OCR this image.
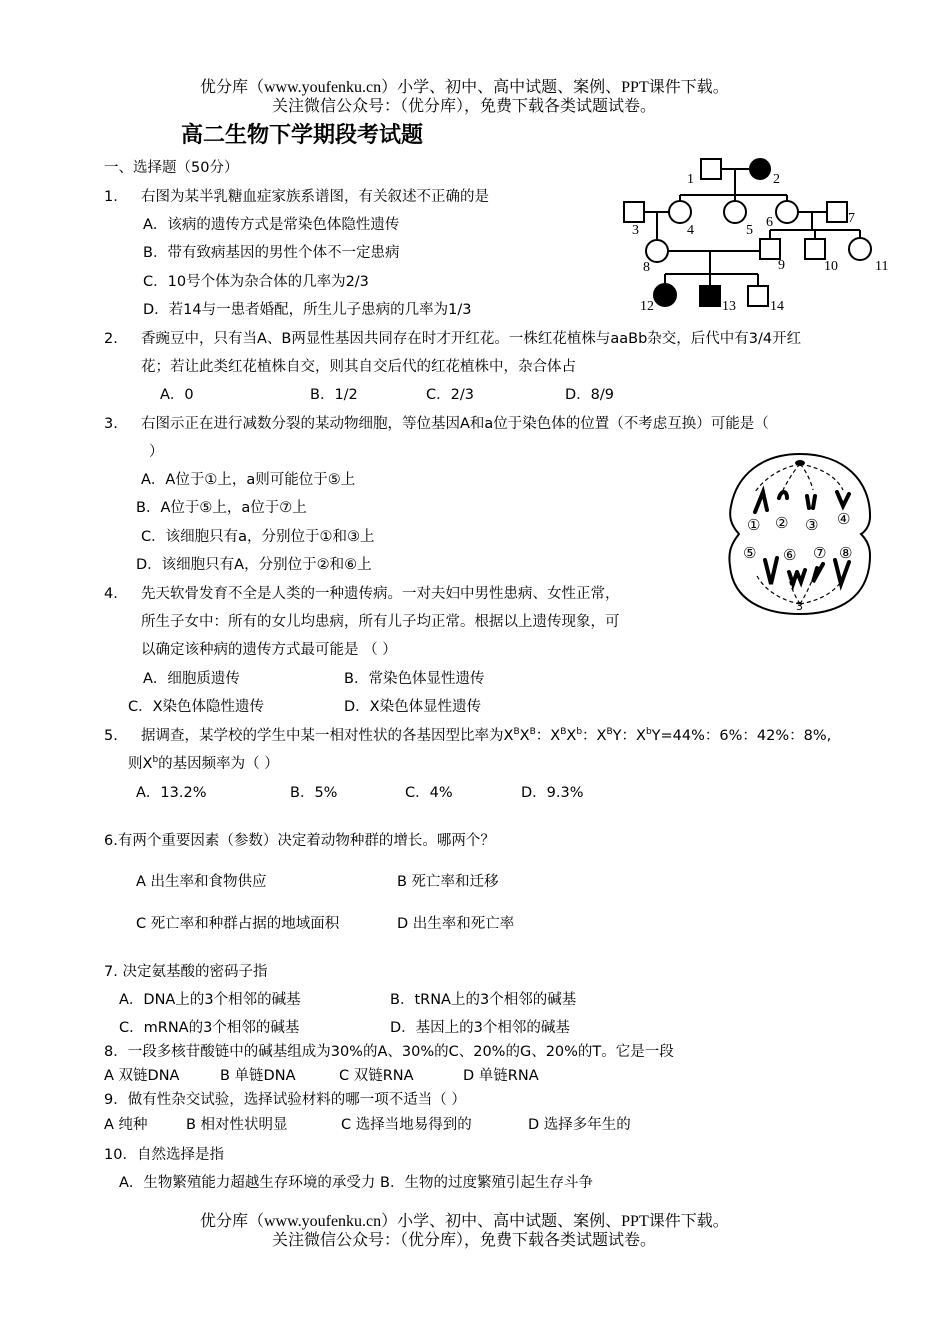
优分库（www.youfenku.cn）小学、初中、高中试题、案例、PPT课件下载。
关注微信公众号：（优分库），免费下载各类试题试卷。
高二生物下学期段考试题
一、选择题（50分）
1. 右图为某半乳糖血症家族系谱图，有关叙述不正确的是
A．该病的遗传方式是常染色体隐性遗传
B．带有致病基因的男性个体不一定患病
C．10号个体为杂合体的几率为2/3
D．若14与一患者婚配，所生儿子患病的几率为1/3
1	2
3	4	5
6	7
8	9	10	11
12	13 14
2. 香豌豆中，只有当A、B两显性基因共同存在时才开红花。一株红花植株与aaBb杂交，后代中有3/4开红
花；若让此类红花植株自交，则其自交后代的红花植株中，杂合体占
A．0	B．1/2	C．2/3	D．8/9
3. 右图示正在进行减数分裂的某动物细胞，等位基因A和a位于染色体的位置（不考虑互换）可能是（
）
A．A位于①上，a则可能位于⑤上
B．A位于⑤上，a位于⑦上
C．该细胞只有a，分别位于①和③上
D．该细胞只有A，分别位于②和⑥上
3
① ② ③ ④
⑤ ⑥ ⑦ ⑧
4. 先天软骨发育不全是人类的一种遗传病。一对夫妇中男性患病、女性正常，
所生子女中：所有的女儿均患病，所有儿子均正常。根据以上遗传现象，可
以确定该种病的遗传方式最可能是 （ ）
A．细胞质遗传	B．常染色体显性遗传
C．X染色体隐性遗传	D．X染色体显性遗传
5. 据调查，某学校的学生中某一相对性状的各基因型比率为$X^BX^B$：$X^BX^b$：$X^BY$：$X^bY=44\%$：6%：42%：8%,
则$X^b$的基因频率为（ ）
A．13.2%	B．5%	C．4%	D．9.3%
6.有两个重要因素（参数）决定着动物种群的增长。哪两个？
A 出生率和食物供应	B 死亡率和迁移
C 死亡率和种群占据的地域面积	D 出生率和死亡率
7. 决定氨基酸的密码子指
A．DNA上的3个相邻的碱基	B．tRNA上的3个相邻的碱基
C．mRNA的3个相邻的碱基	D．基因上的3个相邻的碱基
8．一段多核苷酸链中的碱基组成为30%的A、30%的C、20%的G、20%的T。它是一段
A 双链DNA	B 单链DNA	C 双链RNA	D 单链RNA
9．做有性杂交试验，选择试验材料的哪一项不适当（ ）
A 纯种	B 相对性状明显	C 选择当地易得到的	D 选择多年生的
10．自然选择是指
A．生物繁殖能力超越生存环境的承受力 B．生物的过度繁殖引起生存斗争
优分库（www.youfenku.cn）小学、初中、高中试题、案例、PPT课件下载。
关注微信公众号：（优分库），免费下载各类试题试卷。
